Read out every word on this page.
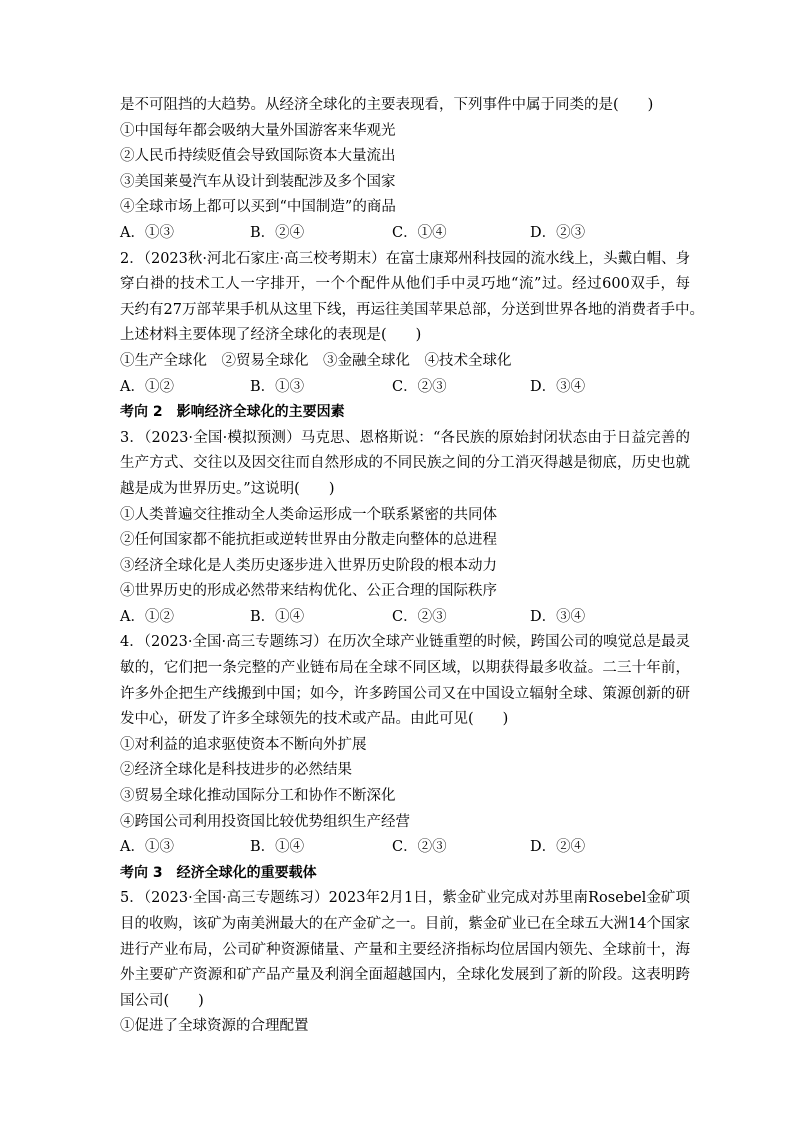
是不可阻挡的大趋势。从经济全球化的主要表现看，下列事件中属于同类的是(　　)
①中国每年都会吸纳大量外国游客来华观光
②人民币持续贬值会导致国际资本大量流出
③美国莱曼汽车从设计到装配涉及多个国家
④全球市场上都可以买到“中国制造”的商品
A．①③	B．②④	C．①④	D．②③
2．（2023秋·河北石家庄·高三校考期末）在富士康郑州科技园的流水线上，头戴白帽、身
穿白褂的技术工人一字排开，一个个配件从他们手中灵巧地“流”过。经过600双手，每
天约有27万部苹果手机从这里下线，再运往美国苹果总部，分送到世界各地的消费者手中。
上述材料主要体现了经济全球化的表现是(　　)
①生产全球化　②贸易全球化　③金融全球化　④技术全球化
A．①②	B．①③	C．②③	D．③④
考向 2　影响经济全球化的主要因素
3．（2023·全国·模拟预测）马克思、恩格斯说：“各民族的原始封闭状态由于日益完善的
生产方式、交往以及因交往而自然形成的不同民族之间的分工消灭得越是彻底，历史也就
越是成为世界历史。”这说明(　　)
①人类普遍交往推动全人类命运形成一个联系紧密的共同体
②任何国家都不能抗拒或逆转世界由分散走向整体的总进程
③经济全球化是人类历史逐步进入世界历史阶段的根本动力
④世界历史的形成必然带来结构优化、公正合理的国际秩序
A．①②	B．①④	C．②③	D．③④
4．（2023·全国·高三专题练习）在历次全球产业链重塑的时候，跨国公司的嗅觉总是最灵
敏的，它们把一条完整的产业链布局在全球不同区域，以期获得最多收益。二三十年前，
许多外企把生产线搬到中国；如今，许多跨国公司又在中国设立辐射全球、策源创新的研
发中心，研发了许多全球领先的技术或产品。由此可见(　　)
①对利益的追求驱使资本不断向外扩展
②经济全球化是科技进步的必然结果
③贸易全球化推动国际分工和协作不断深化
④跨国公司利用投资国比较优势组织生产经营
A．①③	B．①④	C．②③	D．②④
考向 3　经济全球化的重要载体
5．（2023·全国·高三专题练习）2023年2月1日，紫金矿业完成对苏里南Rosebel金矿项
目的收购，该矿为南美洲最大的在产金矿之一。目前，紫金矿业已在全球五大洲14个国家
进行产业布局，公司矿种资源储量、产量和主要经济指标均位居国内领先、全球前十，海
外主要矿产资源和矿产品产量及利润全面超越国内，全球化发展到了新的阶段。这表明跨
国公司(　　)
①促进了全球资源的合理配置
